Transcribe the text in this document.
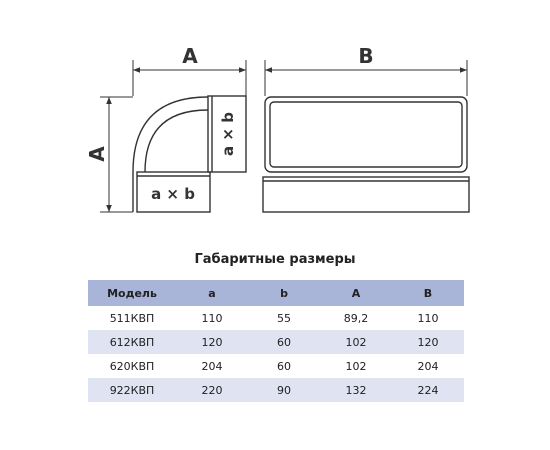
A
A
a × b
a × b
B
Габаритные размеры
Модель	a	b	A	B
511КВП	110	55	89,2	110
612КВП	120	60	102	120
620КВП	204	60	102	204
922КВП	220	90	132	224
